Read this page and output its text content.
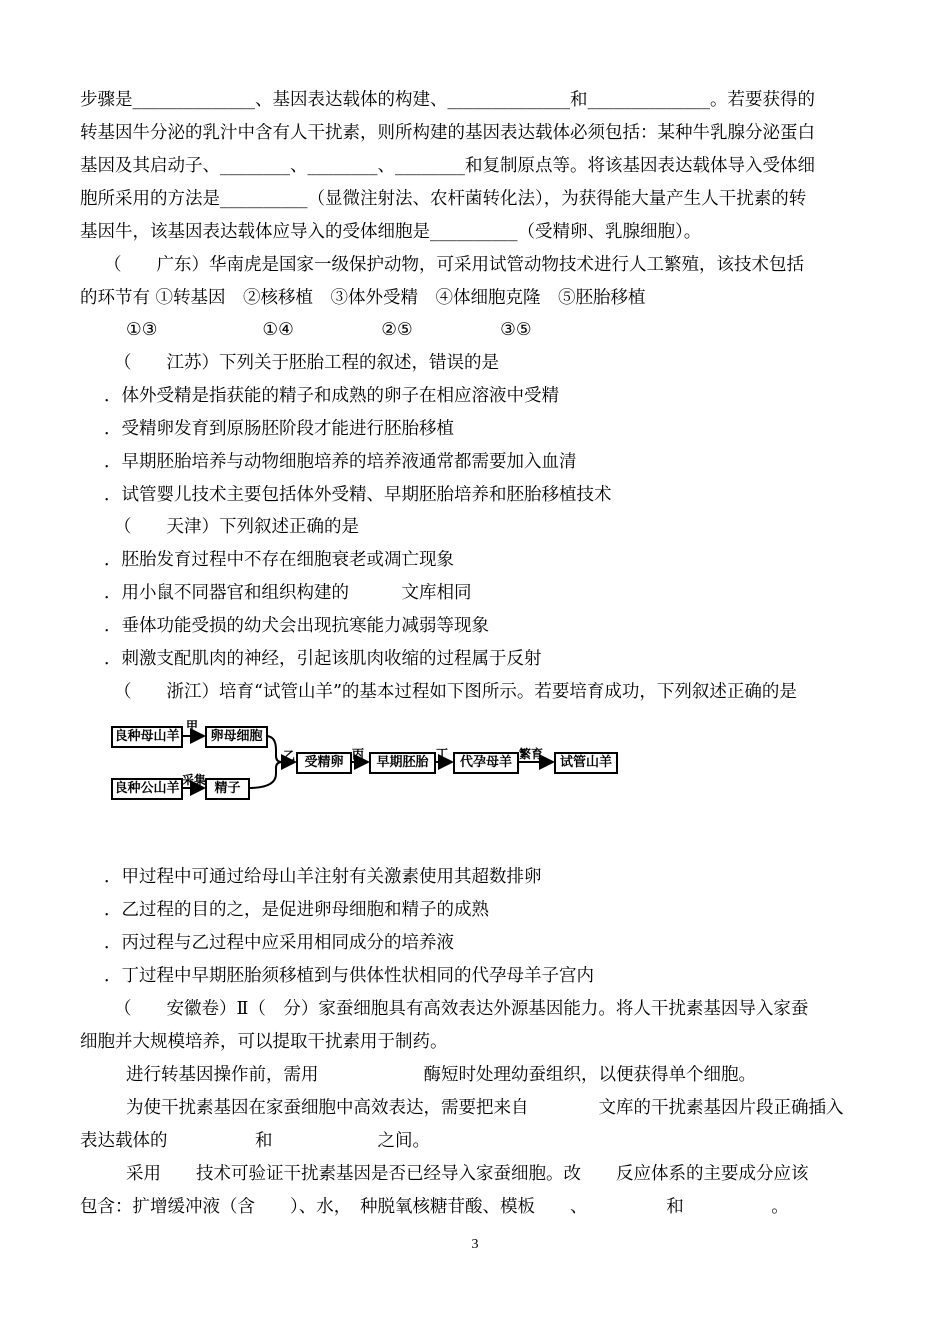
步骤是______________、基因表达载体的构建、______________和______________。若要获得的
转基因牛分泌的乳汁中含有人干扰素，则所构建的基因表达载体必须包括：某种牛乳腺分泌蛋白
基因及其启动子、________、________、________和复制原点等。将该基因表达载体导入受体细
胞所采用的方法是__________（显微注射法、农杆菌转化法），为获得能大量产生人干扰素的转
基因牛，该基因表达载体应导入的受体细胞是__________（受精卵、乳腺细胞）。
（　　广东）华南虎是国家一级保护动物，可采用试管动物技术进行人工繁殖，该技术包括
的环节有 ①转基因　②核移植　③体外受精　④体细胞克隆　⑤胚胎移植
①③　　　　　　①④　　　　　②⑤　　　　　③⑤
（　　江苏）下列关于胚胎工程的叙述，错误的是
．体外受精是指获能的精子和成熟的卵子在相应溶液中受精
．受精卵发育到原肠胚阶段才能进行胚胎移植
．早期胚胎培养与动物细胞培养的培养液通常都需要加入血清
．试管婴儿技术主要包括体外受精、早期胚胎培养和胚胎移植技术
（　　天津）下列叙述正确的是
．胚胎发育过程中不存在细胞衰老或凋亡现象
．用小鼠不同器官和组织构建的　　　文库相同
．垂体功能受损的幼犬会出现抗寒能力减弱等现象
．刺激支配肌肉的神经，引起该肌肉收缩的过程属于反射
（　　浙江）培育“试管山羊”的基本过程如下图所示。若要培育成功，下列叙述正确的是
良种母山羊	卵母细胞
良种公山羊	精子
受精卵	早期胚胎	代孕母羊	试管山羊
甲
采集
乙	丙	丁	繁育
．甲过程中可通过给母山羊注射有关激素使用其超数排卵
．乙过程的目的之，是促进卵母细胞和精子的成熟
．丙过程与乙过程中应采用相同成分的培养液
．丁过程中早期胚胎须移植到与供体性状相同的代孕母羊子宫内
（　　安徽卷）Ⅱ（　分）家蚕细胞具有高效表达外源基因能力。将人干扰素基因导入家蚕
细胞并大规模培养，可以提取干扰素用于制药。
进行转基因操作前，需用　　　　　　酶短时处理幼蚕组织，以便获得单个细胞。
为使干扰素基因在家蚕细胞中高效表达，需要把来自　　　　文库的干扰素基因片段正确插入
表达载体的　　　　　和　　　　　　之间。
采用　　技术可验证干扰素基因是否已经导入家蚕细胞。改　　反应体系的主要成分应该
包含：扩增缓冲液（含　　）、水，　种脱氧核糖苷酸、模板　　、　　　　　和　　　　　。
3
